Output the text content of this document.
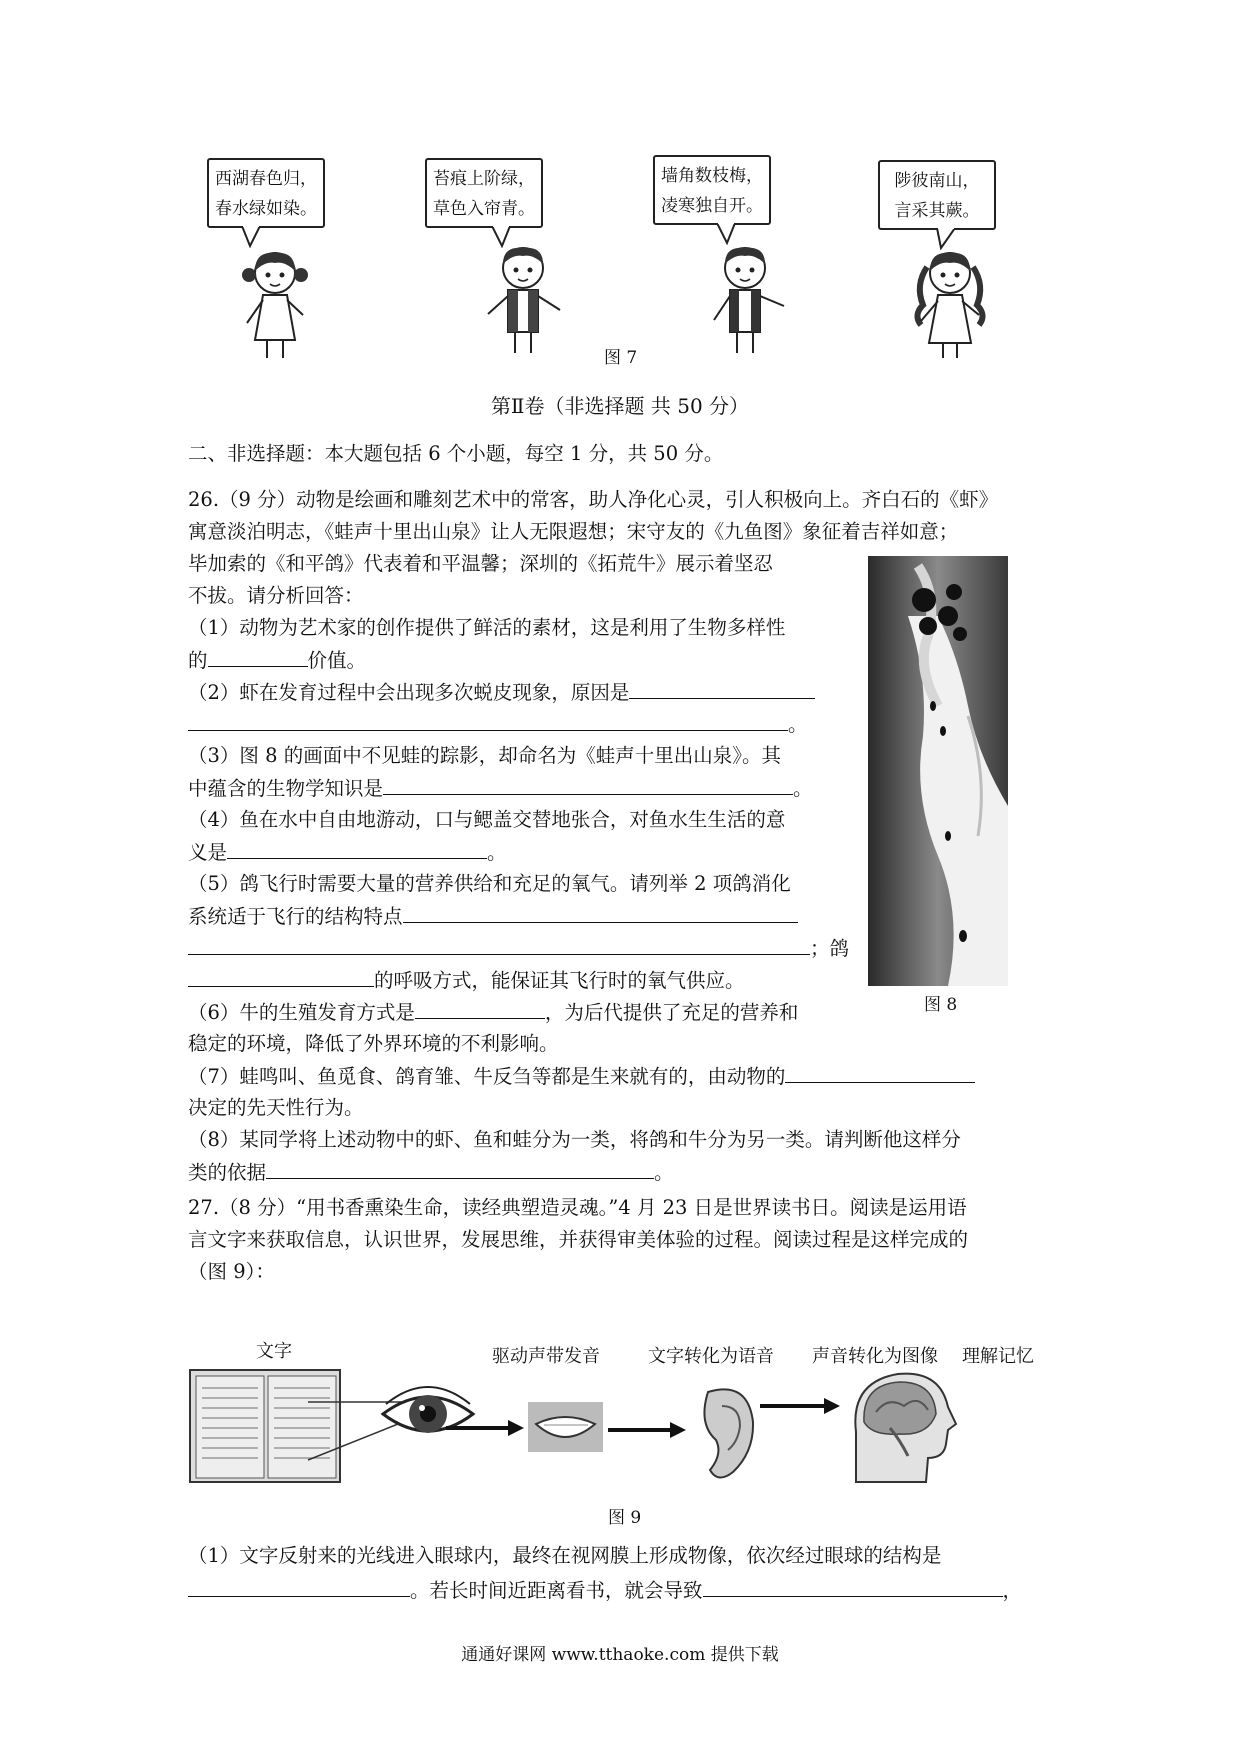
西湖春色归，
春水绿如染。
苔痕上阶绿，
草色入帘青。
墙角数枝梅，
凌寒独自开。
陟彼南山，
言采其蕨。
图 7
第Ⅱ卷（非选择题 共 50 分）
二、非选择题：本大题包括 6 个小题，每空 1 分，共 50 分。
26.（9 分）动物是绘画和雕刻艺术中的常客，助人净化心灵，引人积极向上。齐白石的《虾》
寓意淡泊明志，《蛙声十里出山泉》让人无限遐想；宋守友的《九鱼图》象征着吉祥如意；
毕加索的《和平鸽》代表着和平温馨；深圳的《拓荒牛》展示着坚忍
不拔。请分析回答：
（1）动物为艺术家的创作提供了鲜活的素材，这是利用了生物多样性
的	价值。
（2）虾在发育过程中会出现多次蜕皮现象，原因是
。
（3）图 8 的画面中不见蛙的踪影，却命名为《蛙声十里出山泉》。其
中蕴含的生物学知识是	。
（4）鱼在水中自由地游动，口与鳃盖交替地张合，对鱼水生生活的意
义是	。
（5）鸽飞行时需要大量的营养供给和充足的氧气。请列举 2 项鸽消化
系统适于飞行的结构特点
；鸽
的呼吸方式，能保证其飞行时的氧气供应。
（6）牛的生殖发育方式是	，为后代提供了充足的营养和
稳定的环境，降低了外界环境的不利影响。
（7）蛙鸣叫、鱼觅食、鸽育雏、牛反刍等都是生来就有的，由动物的
决定的先天性行为。
（8）某同学将上述动物中的虾、鱼和蛙分为一类，将鸽和牛分为另一类。请判断他这样分
类的依据	。
图 8
27.（8 分）“用书香熏染生命，读经典塑造灵魂。”4 月 23 日是世界读书日。阅读是运用语
言文字来获取信息，认识世界，发展思维，并获得审美体验的过程。阅读过程是这样完成的
（图 9）：
文字	驱动声带发音	文字转化为语音 声音转化为图像 理解记忆
图 9
（1）文字反射来的光线进入眼球内，最终在视网膜上形成物像，依次经过眼球的结构是
。若长时间近距离看书，就会导致	，
通通好课网 www.tthaoke.com 提供下载
